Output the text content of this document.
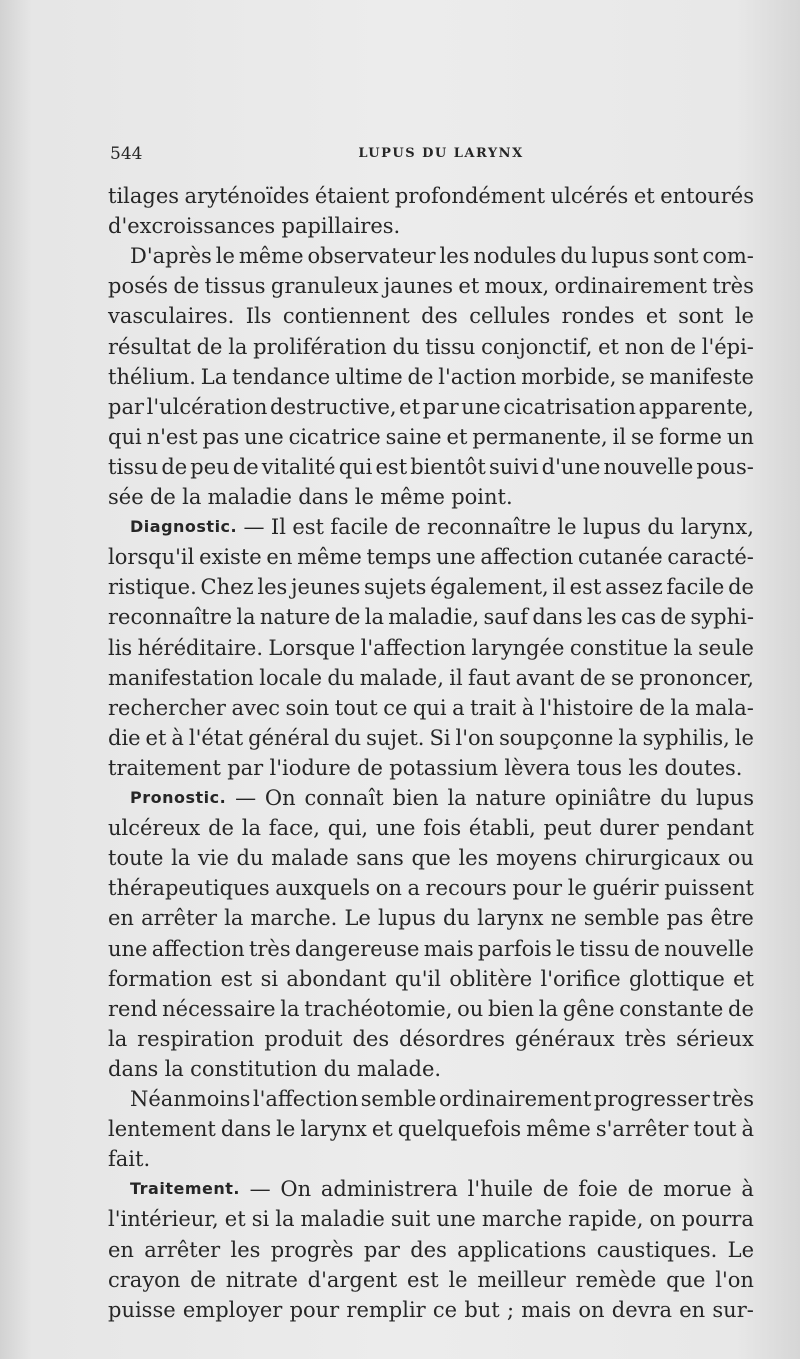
544	LUPUS DU LARYNX
tilages aryténoïdes étaient profondément ulcérés et entourés
d'excroissances papillaires.
D'après le même observateur les nodules du lupus sont com-
posés de tissus granuleux jaunes et moux, ordinairement très
vasculaires. Ils contiennent des cellules rondes et sont le
résultat de la prolifération du tissu conjonctif, et non de l'épi-
thélium. La tendance ultime de l'action morbide, se manifeste
par l'ulcération destructive, et par une cicatrisation apparente,
qui n'est pas une cicatrice saine et permanente, il se forme un
tissu de peu de vitalité qui est bientôt suivi d'une nouvelle pous-
sée de la maladie dans le même point.
Diagnostic. — Il est facile de reconnaître le lupus du larynx,
lorsqu'il existe en même temps une affection cutanée caracté-
ristique. Chez les jeunes sujets également, il est assez facile de
reconnaître la nature de la maladie, sauf dans les cas de syphi-
lis héréditaire. Lorsque l'affection laryngée constitue la seule
manifestation locale du malade, il faut avant de se prononcer,
rechercher avec soin tout ce qui a trait à l'histoire de la mala-
die et à l'état général du sujet. Si l'on soupçonne la syphilis, le
traitement par l'iodure de potassium lèvera tous les doutes.
Pronostic. — On connaît bien la nature opiniâtre du lupus
ulcéreux de la face, qui, une fois établi, peut durer pendant
toute la vie du malade sans que les moyens chirurgicaux ou
thérapeutiques auxquels on a recours pour le guérir puissent
en arrêter la marche. Le lupus du larynx ne semble pas être
une affection très dangereuse mais parfois le tissu de nouvelle
formation est si abondant qu'il oblitère l'orifice glottique et
rend nécessaire la trachéotomie, ou bien la gêne constante de
la respiration produit des désordres généraux très sérieux
dans la constitution du malade.
Néanmoins l'affection semble ordinairement progresser très
lentement dans le larynx et quelquefois même s'arrêter tout à
fait.
Traitement. — On administrera l'huile de foie de morue à
l'intérieur, et si la maladie suit une marche rapide, on pourra
en arrêter les progrès par des applications caustiques. Le
crayon de nitrate d'argent est le meilleur remède que l'on
puisse employer pour remplir ce but ; mais on devra en sur-
